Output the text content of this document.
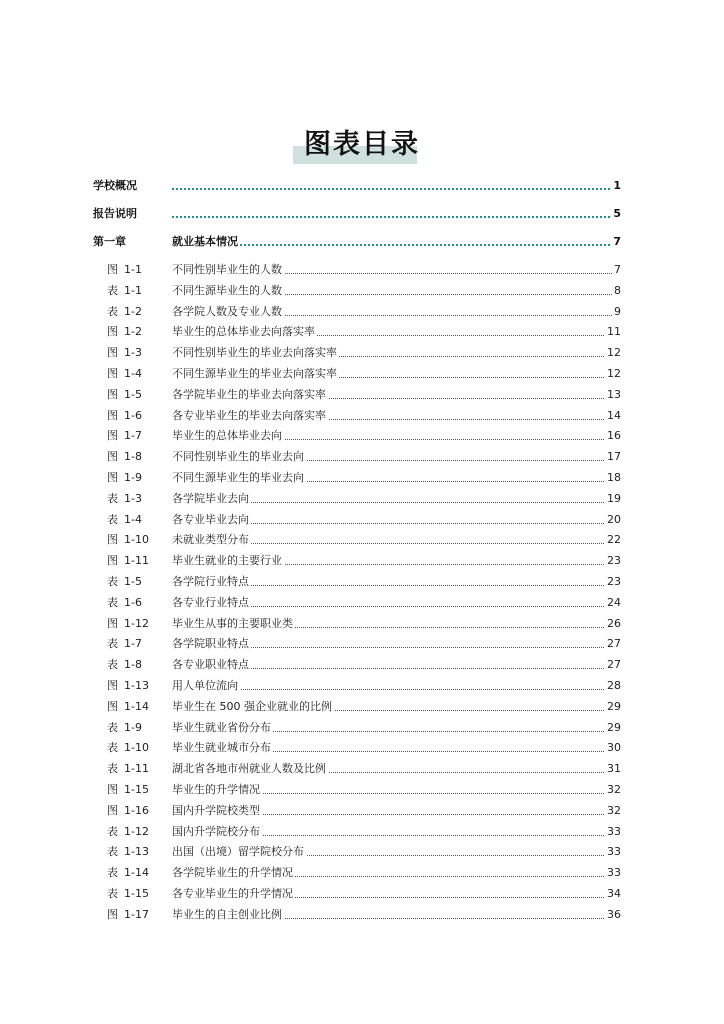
图表目录
学校概况	1
报告说明	5
第一章	就业基本情况	7
图 1-1	不同性别毕业生的人数	7
表 1-1	不同生源毕业生的人数	8
表 1-2	各学院人数及专业人数	9
图 1-2	毕业生的总体毕业去向落实率	11
图 1-3	不同性别毕业生的毕业去向落实率	12
图 1-4	不同生源毕业生的毕业去向落实率	12
图 1-5	各学院毕业生的毕业去向落实率	13
图 1-6	各专业毕业生的毕业去向落实率	14
图 1-7	毕业生的总体毕业去向	16
图 1-8	不同性别毕业生的毕业去向	17
图 1-9	不同生源毕业生的毕业去向	18
表 1-3	各学院毕业去向	19
表 1-4	各专业毕业去向	20
图 1-10 未就业类型分布	22
图 1-11 毕业生就业的主要行业	23
表 1-5	各学院行业特点	23
表 1-6	各专业行业特点	24
图 1-12 毕业生从事的主要职业类	26
表 1-7	各学院职业特点	27
表 1-8	各专业职业特点	27
图 1-13 用人单位流向	28
图 1-14 毕业生在 500 强企业就业的比例	29
表 1-9	毕业生就业省份分布	29
表 1-10 毕业生就业城市分布	30
表 1-11 湖北省各地市州就业人数及比例	31
图 1-15 毕业生的升学情况	32
图 1-16 国内升学院校类型	32
表 1-12 国内升学院校分布	33
表 1-13 出国（出境）留学院校分布	33
表 1-14 各学院毕业生的升学情况	33
表 1-15 各专业毕业生的升学情况	34
图 1-17 毕业生的自主创业比例	36
